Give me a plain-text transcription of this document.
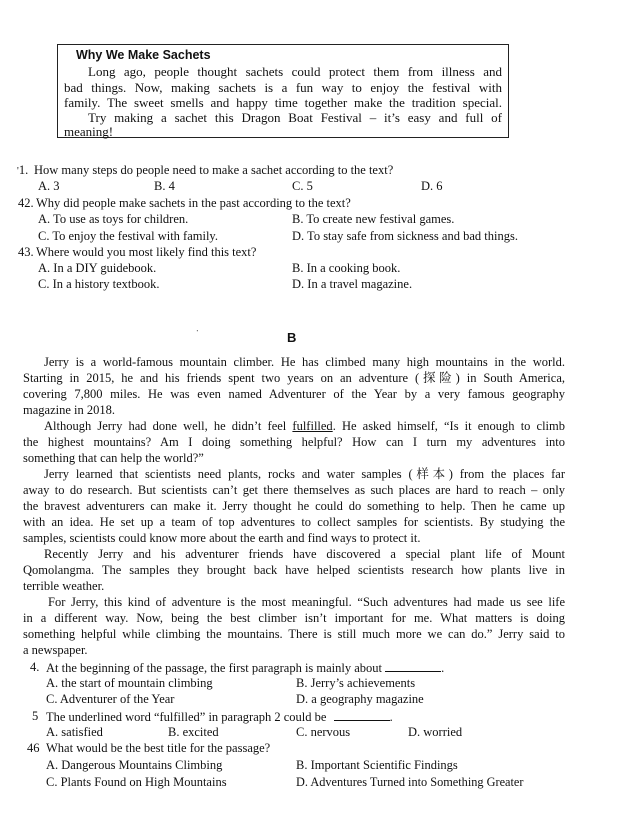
Why We Make Sachets
Long ago, people thought sachets could protect them from illness and
bad things. Now, making sachets is a fun way to enjoy the festival with
family. The sweet smells and happy time together make the tradition special.
Try making a sachet this Dragon Boat Festival – it’s easy and full of
meaning!
'1. How many steps do people need to make a sachet according to the text?
A. 3	B. 4	C. 5	D. 6
42. Why did people make sachets in the past according to the text?
A. To use as toys for children.	B. To create new festival games.
C. To enjoy the festival with family.	D. To stay safe from sickness and bad things.
43. Where would you most likely find this text?
A. In a DIY guidebook.	B. In a cooking book.
C. In a history textbook.	D. In a travel magazine.
ᐧ	B
Jerry is a world-famous mountain climber. He has climbed many high mountains in the world.
Starting in 2015, he and his friends spent two years on an adventure (探险) in South America,
covering 7,800 miles. He was even named Adventurer of the Year by a very famous geography
magazine in 2018.
Although Jerry had done well, he didn’t feel fulfilled. He asked himself, “Is it enough to climb
the highest mountains? Am I doing something helpful? How can I turn my adventures into
something that can help the world?”
Jerry learned that scientists need plants, rocks and water samples (样本) from the places far
away to do research. But scientists can’t get there themselves as such places are hard to reach – only
the bravest adventurers can make it. Jerry thought he could do something to help. Then he came up
with an idea. He set up a team of top adventures to collect samples for scientists. By studying the
samples, scientists could know more about the earth and find ways to protect it.
Recently Jerry and his adventurer friends have discovered a special plant life of Mount
Qomolangma. The samples they brought back have helped scientists research how plants live in
terrible weather.
For Jerry, this kind of adventure is the most meaningful. “Such adventures had made us see life
in a different way. Now, being the best climber isn’t important for me. What matters is doing
something helpful while climbing the mountains. There is still much more we can do.” Jerry said to
a newspaper.
4. At the beginning of the passage, the first paragraph is mainly about	.
A. the start of mountain climbing	B. Jerry’s achievements
C. Adventurer of the Year	D. a geography magazine
5 The underlined word “fulfilled” in paragraph 2 could be	.
A. satisfied	B. excited	C. nervous	D. worried
46 What would be the best title for the passage?
A. Dangerous Mountains Climbing	B. Important Scientific Findings
C. Plants Found on High Mountains	D. Adventures Turned into Something Greater
